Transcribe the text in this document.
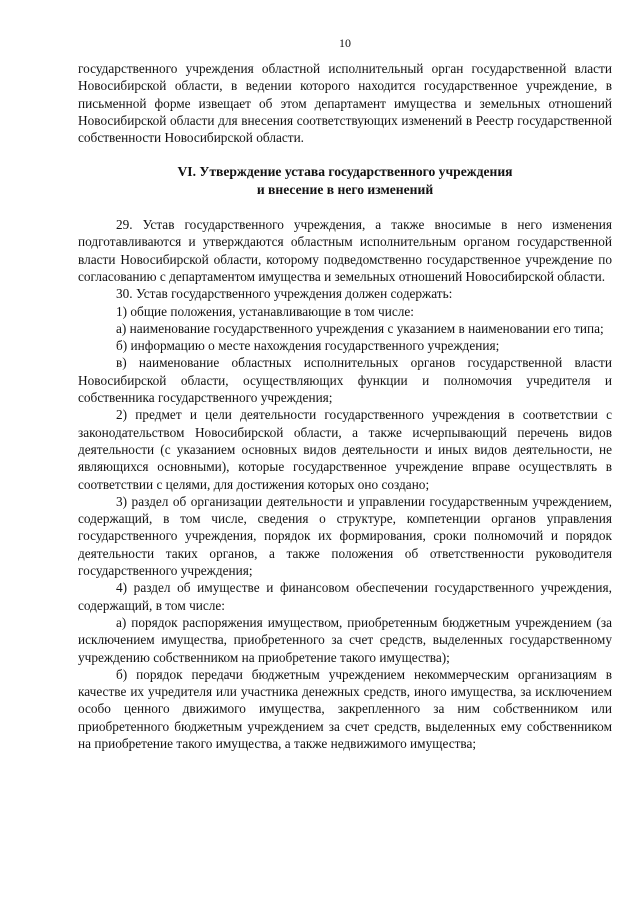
10

государственного учреждения областной исполнительный орган государственной власти Новосибирской области, в ведении которого находится государственное учреждение, в письменной форме извещает об этом департамент имущества и земельных отношений Новосибирской области для внесения соответствующих изменений в Реестр государственной собственности Новосибирской области.

VI. Утверждение устава государственного учреждения
и внесение в него изменений

29. Устав государственного учреждения, а также вносимые в него изменения подготавливаются и утверждаются областным исполнительным органом государственной власти Новосибирской области, которому подведомственно государственное учреждение по согласованию с департаментом имущества и земельных отношений Новосибирской области.

30. Устав государственного учреждения должен содержать:

1) общие положения, устанавливающие в том числе:

а) наименование государственного учреждения с указанием в наименовании его типа;

б) информацию о месте нахождения государственного учреждения;

в) наименование областных исполнительных органов государственной власти Новосибирской области, осуществляющих функции и полномочия учредителя и собственника государственного учреждения;

2) предмет и цели деятельности государственного учреждения в соответствии с законодательством Новосибирской области, а также исчерпывающий перечень видов деятельности (с указанием основных видов деятельности и иных видов деятельности, не являющихся основными), которые государственное учреждение вправе осуществлять в соответствии с целями, для достижения которых оно создано;

3) раздел об организации деятельности и управлении государственным учреждением, содержащий, в том числе, сведения о структуре, компетенции органов управления государственного учреждения, порядок их формирования, сроки полномочий и порядок деятельности таких органов, а также положения об ответственности руководителя государственного учреждения;

4) раздел об имуществе и финансовом обеспечении государственного учреждения, содержащий, в том числе:

а) порядок распоряжения имуществом, приобретенным бюджетным учреждением (за исключением имущества, приобретенного за счет средств, выделенных государственному учреждению собственником на приобретение такого имущества);

б) порядок передачи бюджетным учреждением некоммерческим организациям в качестве их учредителя или участника денежных средств, иного имущества, за исключением особо ценного движимого имущества, закрепленного за ним собственником или приобретенного бюджетным учреждением за счет средств, выделенных ему собственником на приобретение такого имущества, а также недвижимого имущества;
